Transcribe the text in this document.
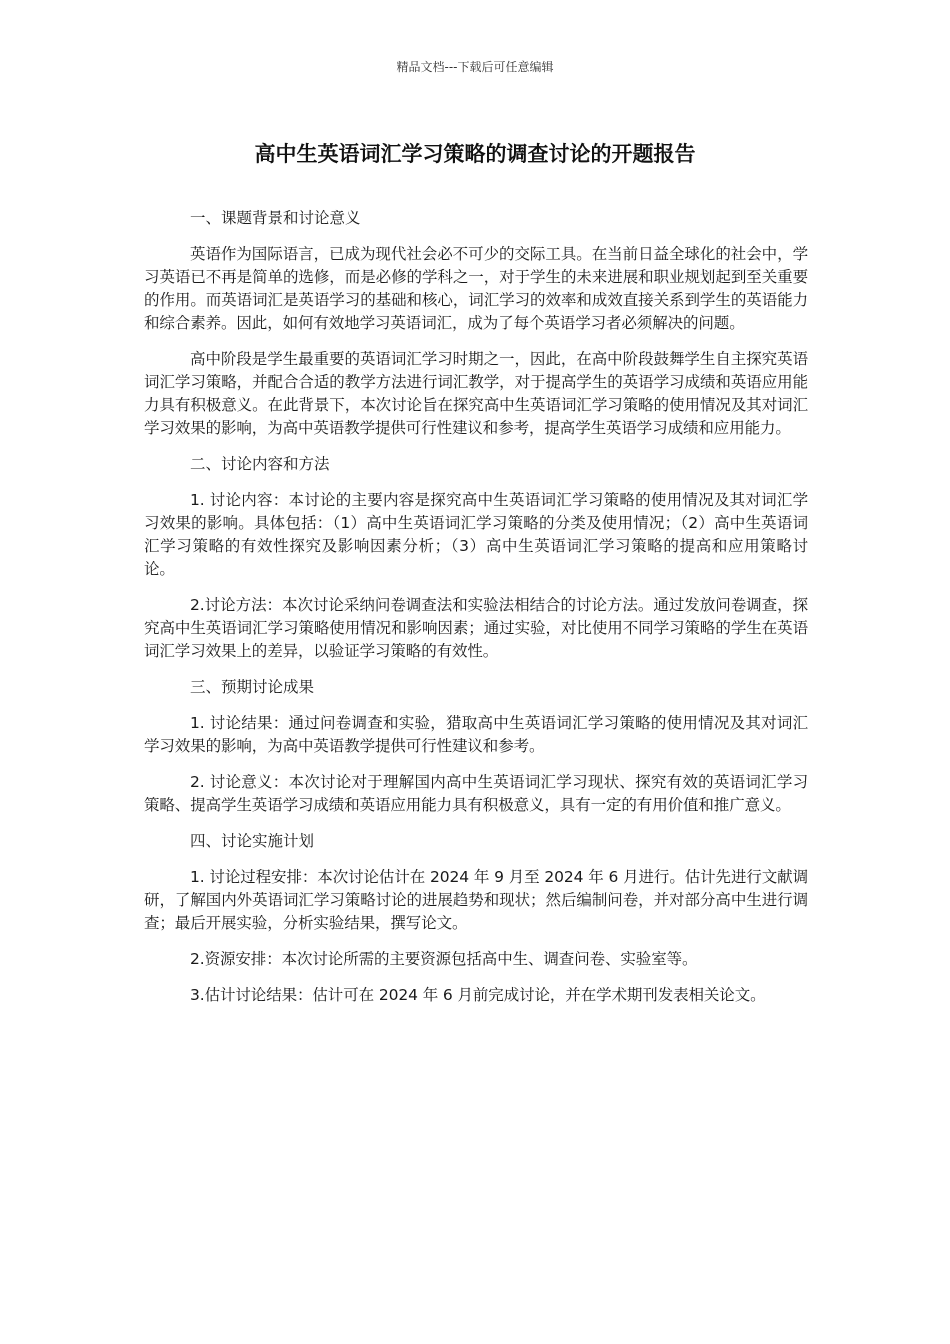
精品文档---下载后可任意编辑
高中生英语词汇学习策略的调查讨论的开题报告
一、课题背景和讨论意义

英语作为国际语言，已成为现代社会必不可少的交际工具。在当前日益全球化的社会中，学习英语已不再是简单的选修，而是必修的学科之一，对于学生的未来进展和职业规划起到至关重要的作用。而英语词汇是英语学习的基础和核心，词汇学习的效率和成效直接关系到学生的英语能力和综合素养。因此，如何有效地学习英语词汇，成为了每个英语学习者必须解决的问题。

高中阶段是学生最重要的英语词汇学习时期之一，因此，在高中阶段鼓舞学生自主探究英语词汇学习策略，并配合合适的教学方法进行词汇教学，对于提高学生的英语学习成绩和英语应用能力具有积极意义。在此背景下，本次讨论旨在探究高中生英语词汇学习策略的使用情况及其对词汇学习效果的影响，为高中英语教学提供可行性建议和参考，提高学生英语学习成绩和应用能力。

二、讨论内容和方法

1. 讨论内容：本讨论的主要内容是探究高中生英语词汇学习策略的使用情况及其对词汇学习效果的影响。具体包括：（1）高中生英语词汇学习策略的分类及使用情况；（2）高中生英语词汇学习策略的有效性探究及影响因素分析；（3）高中生英语词汇学习策略的提高和应用策略讨论。

2.讨论方法：本次讨论采纳问卷调查法和实验法相结合的讨论方法。通过发放问卷调查，探究高中生英语词汇学习策略使用情况和影响因素；通过实验，对比使用不同学习策略的学生在英语词汇学习效果上的差异，以验证学习策略的有效性。

三、预期讨论成果

1. 讨论结果：通过问卷调查和实验，猎取高中生英语词汇学习策略的使用情况及其对词汇学习效果的影响，为高中英语教学提供可行性建议和参考。

2. 讨论意义：本次讨论对于理解国内高中生英语词汇学习现状、探究有效的英语词汇学习策略、提高学生英语学习成绩和英语应用能力具有积极意义，具有一定的有用价值和推广意义。

四、讨论实施计划

1. 讨论过程安排：本次讨论估计在 2024 年 9 月至 2024 年 6 月进行。估计先进行文献调研，了解国内外英语词汇学习策略讨论的进展趋势和现状；然后编制问卷，并对部分高中生进行调查；最后开展实验，分析实验结果，撰写论文。

2.资源安排：本次讨论所需的主要资源包括高中生、调查问卷、实验室等。

3.估计讨论结果：估计可在 2024 年 6 月前完成讨论，并在学术期刊发表相关论文。
